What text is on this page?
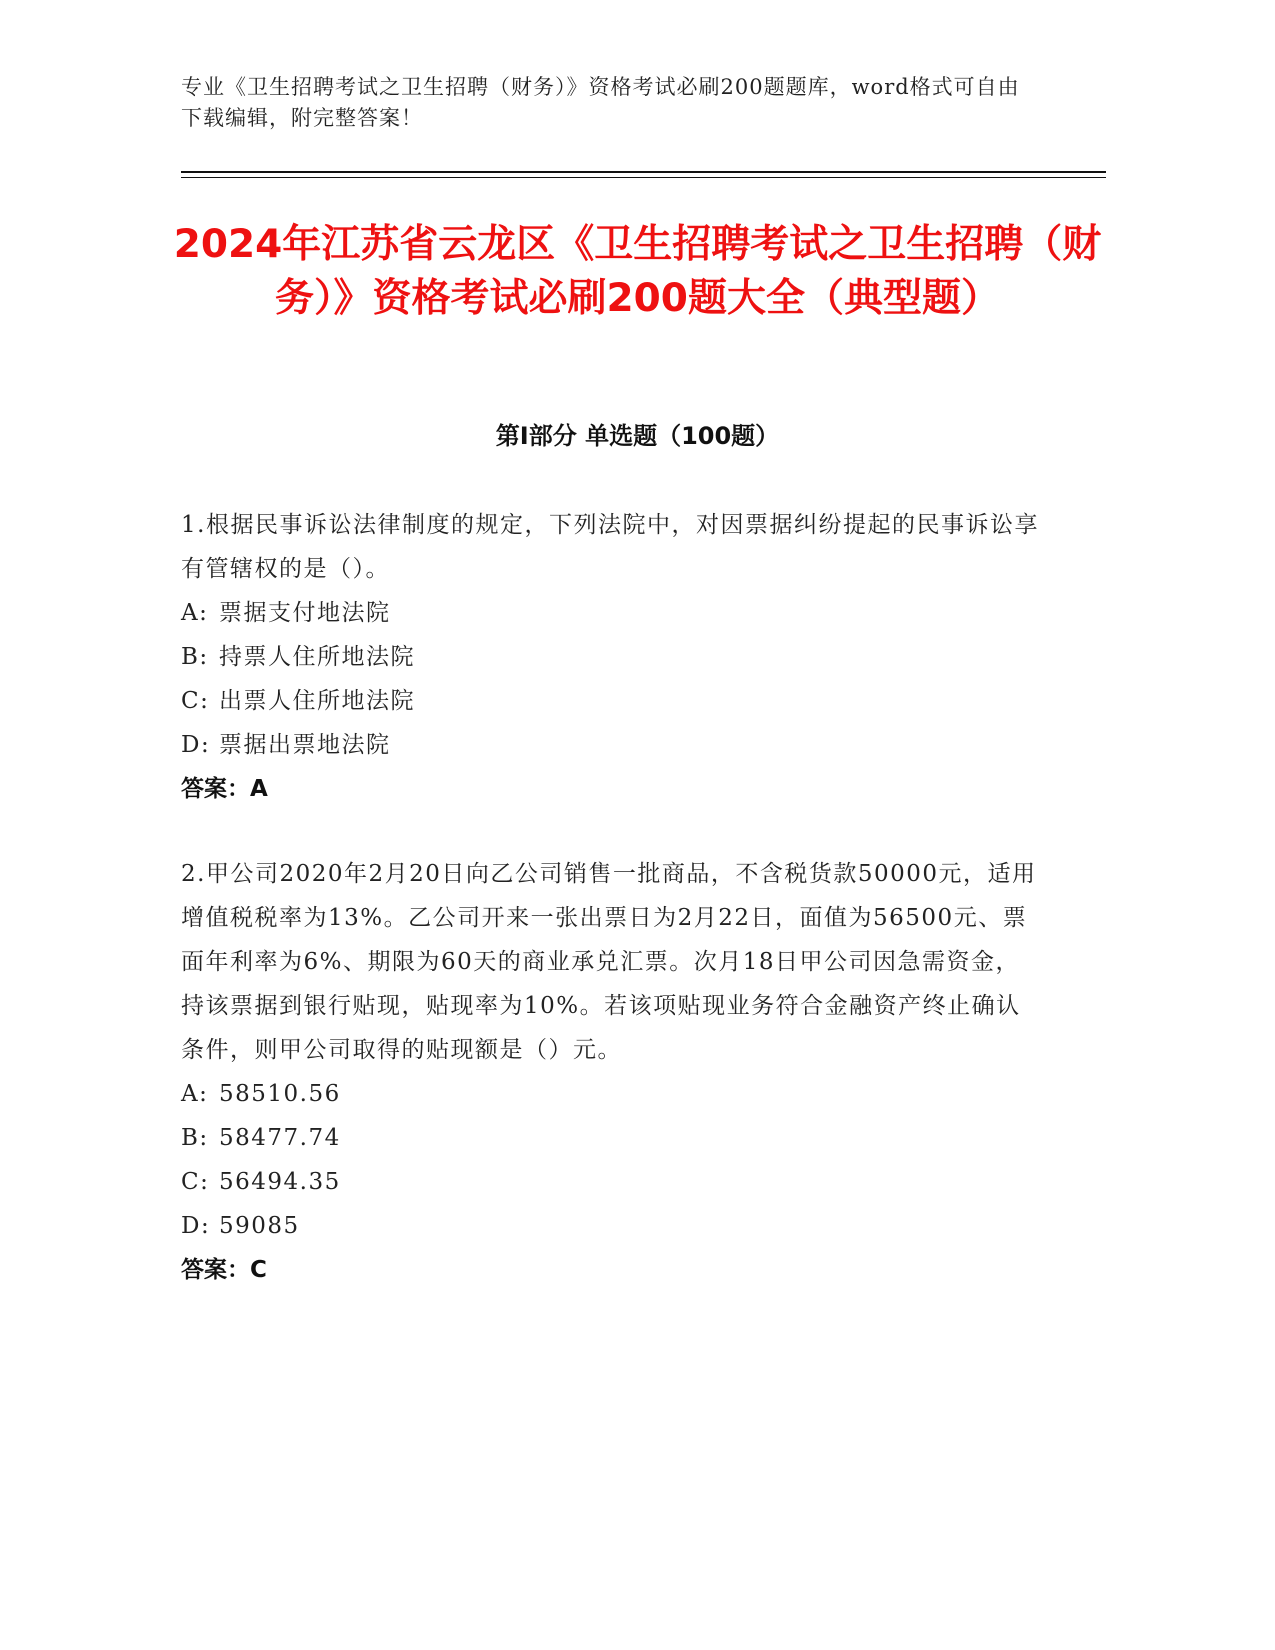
专业《卫生招聘考试之卫生招聘（财务）》资格考试必刷200题题库，word格式可自由下载编辑，附完整答案！
2024年江苏省云龙区《卫生招聘考试之卫生招聘（财务）》资格考试必刷200题大全（典型题）
第Ⅰ部分 单选题（100题）
1.根据民事诉讼法律制度的规定，下列法院中，对因票据纠纷提起的民事诉讼享有管辖权的是（）。
A: 票据支付地法院
B: 持票人住所地法院
C: 出票人住所地法院
D: 票据出票地法院
答案：A
2.甲公司2020年2月20日向乙公司销售一批商品，不含税货款50000元，适用增值税税率为13%。乙公司开来一张出票日为2月22日，面值为56500元、票面年利率为6%、期限为60天的商业承兑汇票。次月18日甲公司因急需资金，持该票据到银行贴现，贴现率为10%。若该项贴现业务符合金融资产终止确认条件，则甲公司取得的贴现额是（）元。
A: 58510.56
B: 58477.74
C: 56494.35
D: 59085
答案：C
